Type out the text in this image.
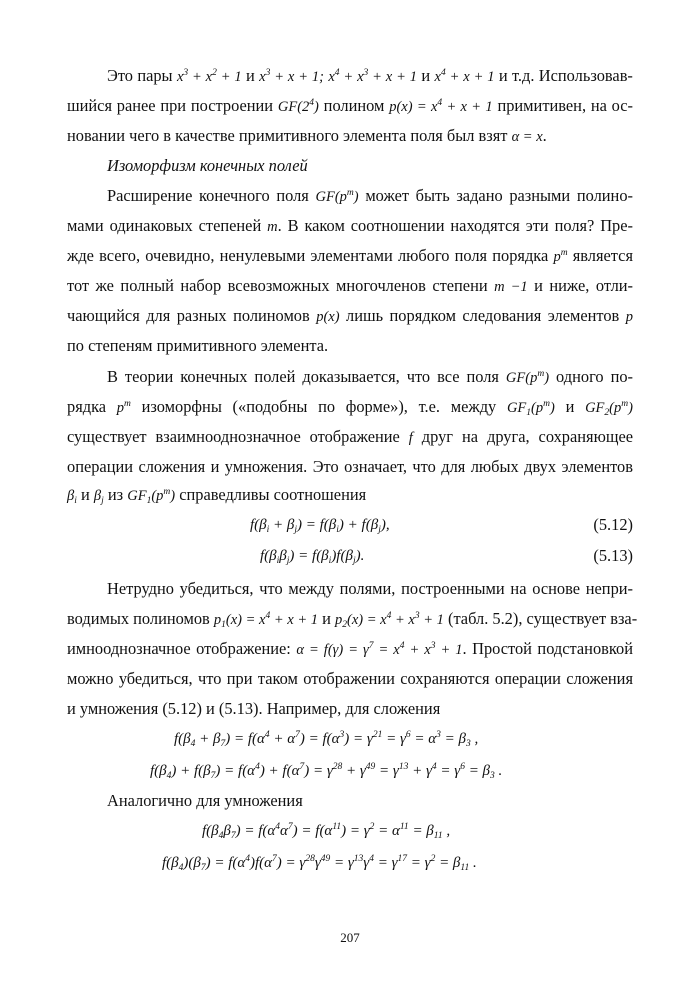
Это пары $x^3 + x^2 + 1$ и $x^3 + x + 1$; $x^4 + x^3 + x + 1$ и $x^4 + x + 1$ и т.д. Использовав-
шийся ранее при построении $GF(2^4)$ полином $p(x) = x^4 + x + 1$ примитивен, на ос-
новании чего в качестве примитивного элемента поля был взят α = x.
Изоморфизм конечных полей
Расширение конечного поля $GF(p^m)$ может быть задано разными полино-
мами одинаковых степеней m. В каком соотношении находятся эти поля? Пре-
жде всего, очевидно, ненулевыми элементами любого поля порядка $p^m$ является
тот же полный набор всевозможных многочленов степени m −1 и ниже, отли-
чающийся для разных полиномов p(x) лишь порядком следования элементов p
по степеням примитивного элемента.
В теории конечных полей доказывается, что все поля $GF(p^m)$ одного по-
рядка $p^m$ изоморфны («подобны по форме»), т.е. между $GF_1(p^m)$ и $GF_2(p^m)$
существует взаимнооднозначное отображение f друг на друга, сохраняющее
операции сложения и умножения. Это означает, что для любых двух элементов
$\beta_i$ и $\beta_j$ из $GF_1(p^m)$ справедливы соотношения
$f(\beta_i + \beta_j) = f(\beta_i) + f(\beta_j)$,	(5.12)
$f(\beta_i\beta_j) = f(\beta_i)f(\beta_j)$.	(5.13)
Нетрудно убедиться, что между полями, построенными на основе непри-
водимых полиномов $p_1(x) = x^4 + x + 1$ и $p_2(x) = x^4 + x^3 + 1$ (табл. 5.2), существует вза-
имнооднозначное отображение: $\alpha = f(\gamma) = \gamma^7 = x^4 + x^3 + 1$. Простой подстановкой
можно убедиться, что при таком отображении сохраняются операции сложения
и умножения (5.12) и (5.13). Например, для сложения
$f(\beta_4 + \beta_7) = f(\alpha^4 + \alpha^7) = f(\alpha^3) = \gamma^{21} = \gamma^6 = \alpha^3 = \beta_3$ ,
$f(\beta_4) + f(\beta_7) = f(\alpha^4) + f(\alpha^7) = \gamma^{28} + \gamma^{49} = \gamma^{13} + \gamma^4 = \gamma^6 = \beta_3$ .
Аналогично для умножения
$f(\beta_4\beta_7) = f(\alpha^4\alpha^7) = f(\alpha^{11}) = \gamma^2 = \alpha^{11} = \beta_{11}$ ,
$f(\beta_4)(\beta_7) = f(\alpha^4)f(\alpha^7) = \gamma^{28}\gamma^{49} = \gamma^{13}\gamma^4 = \gamma^{17} = \gamma^2 = \beta_{11}$ .
207
